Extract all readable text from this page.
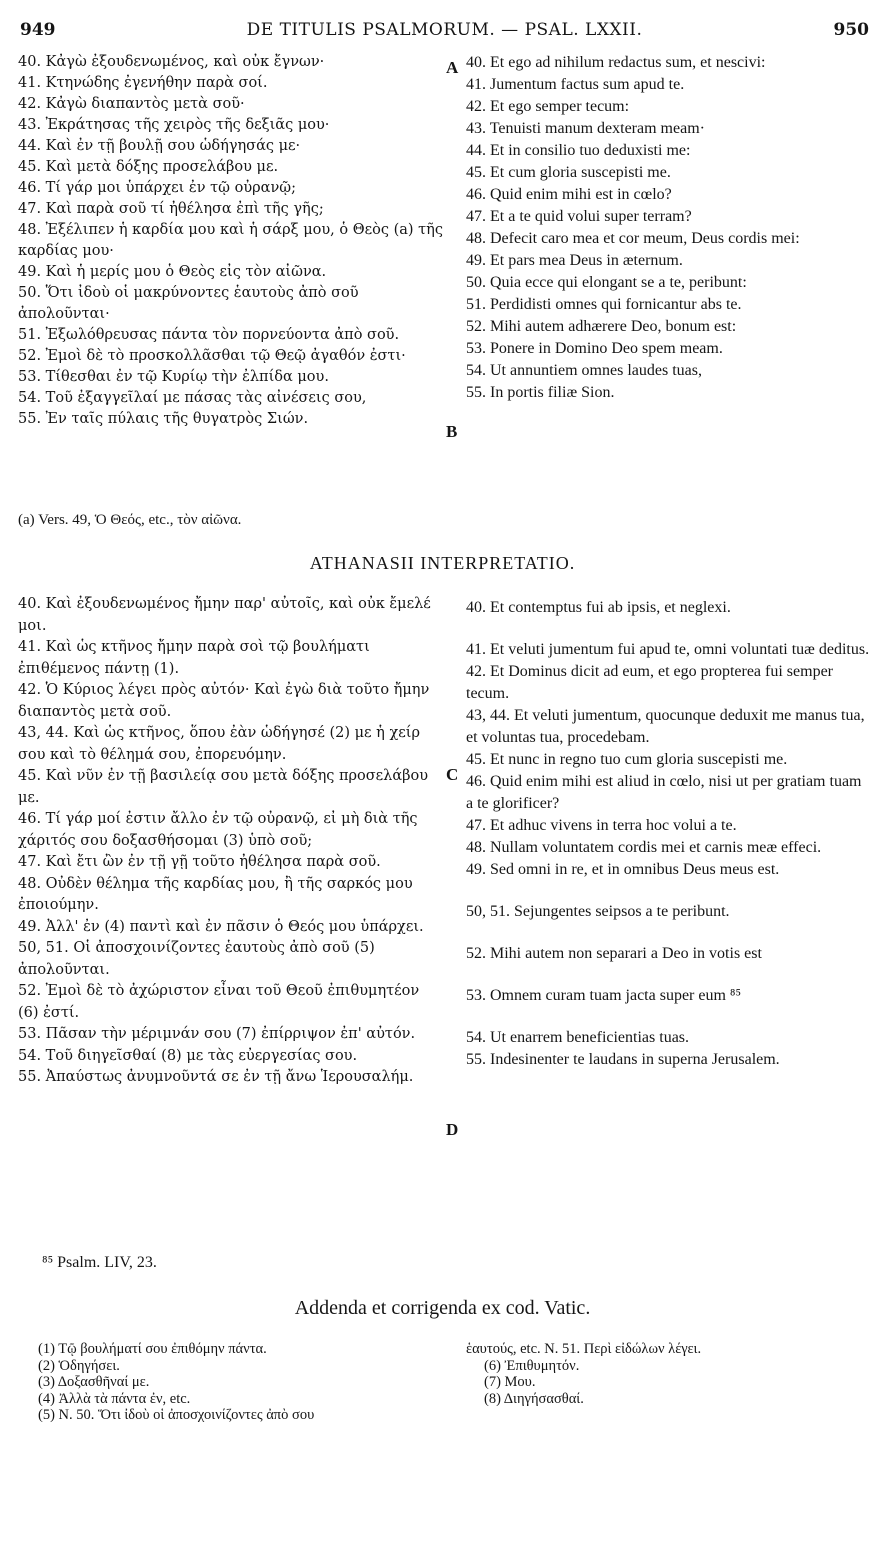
949	DE TITULIS PSALMORUM. — PSAL. LXXII.	950
40. Κἀγὼ ἐξουδενωμένος, καὶ οὐκ ἔγνων·
41. Κτηνώδης ἐγενήθην παρὰ σοί.
42. Κἀγὼ διαπαντὸς μετὰ σοῦ·
43. Ἐκράτησας τῆς χειρὸς τῆς δεξιᾶς μου·
44. Καὶ ἐν τῇ βουλῇ σου ὡδήγησάς με·
45. Καὶ μετὰ δόξης προσελάβου με.
46. Τί γάρ μοι ὑπάρχει ἐν τῷ οὐρανῷ;
47. Καὶ παρὰ σοῦ τί ἠθέλησα ἐπὶ τῆς γῆς;
48. Ἐξέλιπεν ἡ καρδία μου καὶ ἡ σάρξ μου, ὁ Θεὸς (a) τῆς καρδίας μου·
49. Καὶ ἡ μερίς μου ὁ Θεὸς εἰς τὸν αἰῶνα.
50. Ὅτι ἰδοὺ οἱ μακρύνοντες ἑαυτοὺς ἀπὸ σοῦ ἀπολοῦνται·
51. Ἐξωλόθρευσας πάντα τὸν πορνεύοντα ἀπὸ σοῦ.
52. Ἐμοὶ δὲ τὸ προσκολλᾶσθαι τῷ Θεῷ ἀγαθόν ἐστι·
53. Τίθεσθαι ἐν τῷ Κυρίῳ τὴν ἐλπίδα μου.
54. Τοῦ ἐξαγγεῖλαί με πάσας τὰς αἰνέσεις σου,
55. Ἐν ταῖς πύλαις τῆς θυγατρὸς Σιών.
40. Et ego ad nihilum redactus sum, et nescivi:
41. Jumentum factus sum apud te.
42. Et ego semper tecum:
43. Tenuisti manum dexteram meam·
44. Et in consilio tuo deduxisti me:
45. Et cum gloria suscepisti me.
46. Quid enim mihi est in cœlo?
47. Et a te quid volui super terram?
48. Defecit caro mea et cor meum, Deus cordis mei:
49. Et pars mea Deus in æternum.
50. Quia ecce qui elongant se a te, peribunt:
51. Perdidisti omnes qui fornicantur abs te.
52. Mihi autem adhærere Deo, bonum est:
53. Ponere in Domino Deo spem meam.
54. Ut annuntiem omnes laudes tuas,
55. In portis filiæ Sion.
A
B
(a) Vers. 49, Ὁ Θεός, etc., τὸν αἰῶνα.
ATHANASII INTERPRETATIO.
40. Καὶ ἐξουδενωμένος ἤμην παρ' αὐτοῖς, καὶ οὐκ ἔμελέ μοι.
41. Καὶ ὡς κτῆνος ἤμην παρὰ σοὶ τῷ βουλήματι ἐπιθέμενος πάντῃ (1).
42. Ὁ Κύριος λέγει πρὸς αὐτόν· Καὶ ἐγὼ διὰ τοῦτο ἤμην διαπαντὸς μετὰ σοῦ.
43, 44. Καὶ ὡς κτῆνος, ὅπου ἐὰν ὡδήγησέ (2) με ἡ χείρ σου καὶ τὸ θέλημά σου, ἐπορευόμην.
45. Καὶ νῦν ἐν τῇ βασιλείᾳ σου μετὰ δόξης προσελάβου με.
46. Τί γάρ μοί ἐστιν ἄλλο ἐν τῷ οὐρανῷ, εἰ μὴ διὰ τῆς χάριτός σου δοξασθήσομαι (3) ὑπὸ σοῦ;
47. Καὶ ἔτι ὢν ἐν τῇ γῇ τοῦτο ἠθέλησα παρὰ σοῦ.
48. Οὐδὲν θέλημα τῆς καρδίας μου, ἢ τῆς σαρκός μου ἐποιούμην.
49. Ἀλλ' ἐν (4) παντὶ καὶ ἐν πᾶσιν ὁ Θεός μου ὑπάρχει.
50, 51. Οἱ ἀποσχοινίζοντες ἑαυτοὺς ἀπὸ σοῦ (5) ἀπολοῦνται.
52. Ἐμοὶ δὲ τὸ ἀχώριστον εἶναι τοῦ Θεοῦ ἐπιθυμητέον (6) ἐστί.
53. Πᾶσαν τὴν μέριμνάν σου (7) ἐπίρριψον ἐπ' αὐτόν.
54. Τοῦ διηγεῖσθαί (8) με τὰς εὐεργεσίας σου.
55. Ἀπαύστως ἀνυμνοῦντά σε ἐν τῇ ἄνω Ἱερουσαλήμ.
40. Et contemptus fui ab ipsis, et neglexi.
41. Et veluti jumentum fui apud te, omni voluntati tuæ deditus.
42. Et Dominus dicit ad eum, et ego propterea fui semper tecum.
43, 44. Et veluti jumentum, quocunque deduxit me manus tua, et voluntas tua, procedebam.
45. Et nunc in regno tuo cum gloria suscepisti me.
46. Quid enim mihi est aliud in cœlo, nisi ut per gratiam tuam a te glorificer?
47. Et adhuc vivens in terra hoc volui a te.
48. Nullam voluntatem cordis mei et carnis meæ effeci.
49. Sed omni in re, et in omnibus Deus meus est.
50, 51. Sejungentes seipsos a te peribunt.
52. Mihi autem non separari a Deo in votis est
53. Omnem curam tuam jacta super eum ⁸⁵
54. Ut enarrem beneficientias tuas.
55. Indesinenter te laudans in superna Jerusalem.
C
D
⁸⁵ Psalm. LIV, 23.
Addenda et corrigenda ex cod. Vatic.
(1) Τῷ βουλήματί σου ἐπιθόμην πάντα.
(2) Ὁδηγήσει.
(3) Δοξασθῆναί με.
(4) Ἀλλὰ τὰ πάντα ἐν, etc.
(5) N. 50. Ὅτι ἰδοὺ οἱ ἀποσχοινίζοντες ἀπὸ σου
ἑαυτούς, etc. N. 51. Περὶ εἰδώλων λέγει.
(6) Ἐπιθυμητόν.
(7) Μου.
(8) Διηγήσασθαί.
